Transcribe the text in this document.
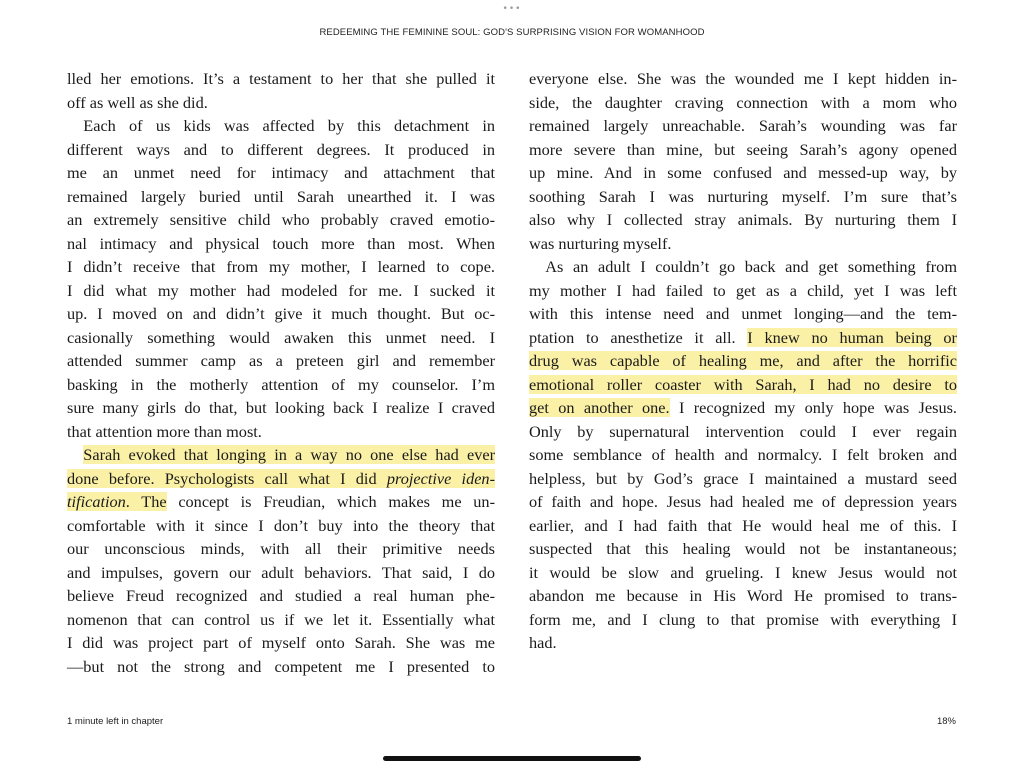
•••
REDEEMING THE FEMININE SOUL: GOD'S SURPRISING VISION FOR WOMANHOOD
lled her emotions. It’s a testament to her that she pulled it
off as well as she did.
 Each of us kids was affected by this detachment in
different ways and to different degrees. It produced in
me an unmet need for intimacy and attachment that
remained largely buried until Sarah unearthed it. I was
an extremely sensitive child who probably craved emotio-
nal intimacy and physical touch more than most. When
I didn’t receive that from my mother, I learned to cope.
I did what my mother had modeled for me. I sucked it
up. I moved on and didn’t give it much thought. But oc-
casionally something would awaken this unmet need. I
attended summer camp as a preteen girl and remember
basking in the motherly attention of my counselor. I’m
sure many girls do that, but looking back I realize I craved
that attention more than most.
 Sarah evoked that longing in a way no one else had ever
done before. Psychologists call what I did projective iden-
tification. The concept is Freudian, which makes me un-
comfortable with it since I don’t buy into the theory that
our unconscious minds, with all their primitive needs
and impulses, govern our adult behaviors. That said, I do
believe Freud recognized and studied a real human phe-
nomenon that can control us if we let it. Essentially what
I did was project part of myself onto Sarah. She was me
—but not the strong and competent me I presented to
everyone else. She was the wounded me I kept hidden in-
side, the daughter craving connection with a mom who
remained largely unreachable. Sarah’s wounding was far
more severe than mine, but seeing Sarah’s agony opened
up mine. And in some confused and messed-up way, by
soothing Sarah I was nurturing myself. I’m sure that’s
also why I collected stray animals. By nurturing them I
was nurturing myself.
 As an adult I couldn’t go back and get something from
my mother I had failed to get as a child, yet I was left
with this intense need and unmet longing—and the tem-
ptation to anesthetize it all. I knew no human being or
drug was capable of healing me, and after the horrific
emotional roller coaster with Sarah, I had no desire to
get on another one. I recognized my only hope was Jesus.
Only by supernatural intervention could I ever regain
some semblance of health and normalcy. I felt broken and
helpless, but by God’s grace I maintained a mustard seed
of faith and hope. Jesus had healed me of depression years
earlier, and I had faith that He would heal me of this. I
suspected that this healing would not be instantaneous;
it would be slow and grueling. I knew Jesus would not
abandon me because in His Word He promised to trans-
form me, and I clung to that promise with everything I
had.
1 minute left in chapter	18%
